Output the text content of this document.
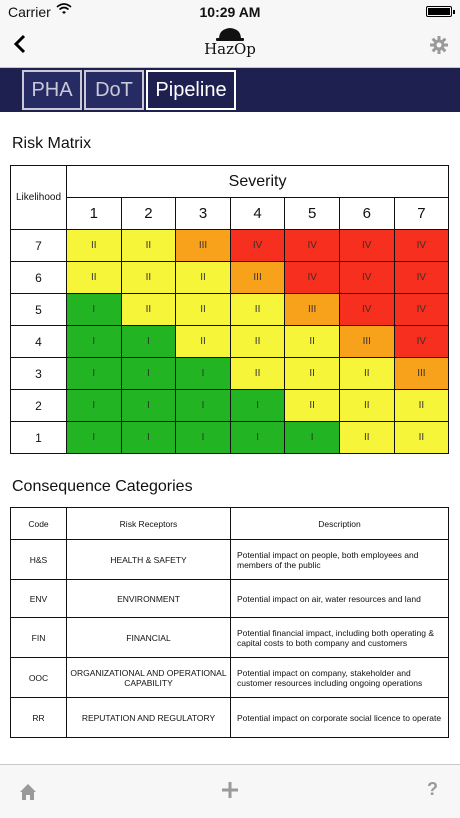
Carrier	10:29 AM
HazOp
PHA	DoT	Pipeline
Risk Matrix
Likelihood	Severity						
	1	2	3	4	5	6	7
7	II	II	III	IV	IV	IV	IV
6	II	II	II	III	IV	IV	IV
5	I	II	II	II	III	IV	IV
4	I	I	II	II	II	III	IV
3	I	I	I	II	II	II	III
2	I	I	I	I	II	II	II
1	I	I	I	I	I	II	II
Consequence Categories
Code	Risk Receptors	Description
H&S	HEALTH & SAFETY	Potential impact on people, both employees and members of the public
ENV	ENVIRONMENT	Potential impact on air, water resources and land
FIN	FINANCIAL	Potential financial impact, including both operating & capital costs to both company and customers
OOC	ORGANIZATIONAL AND OPERATIONAL CAPABILITY	Potential impact on company, stakeholder and customer resources including ongoing operations
RR	REPUTATION AND REGULATORY	Potential impact on corporate social licence to operate
?
